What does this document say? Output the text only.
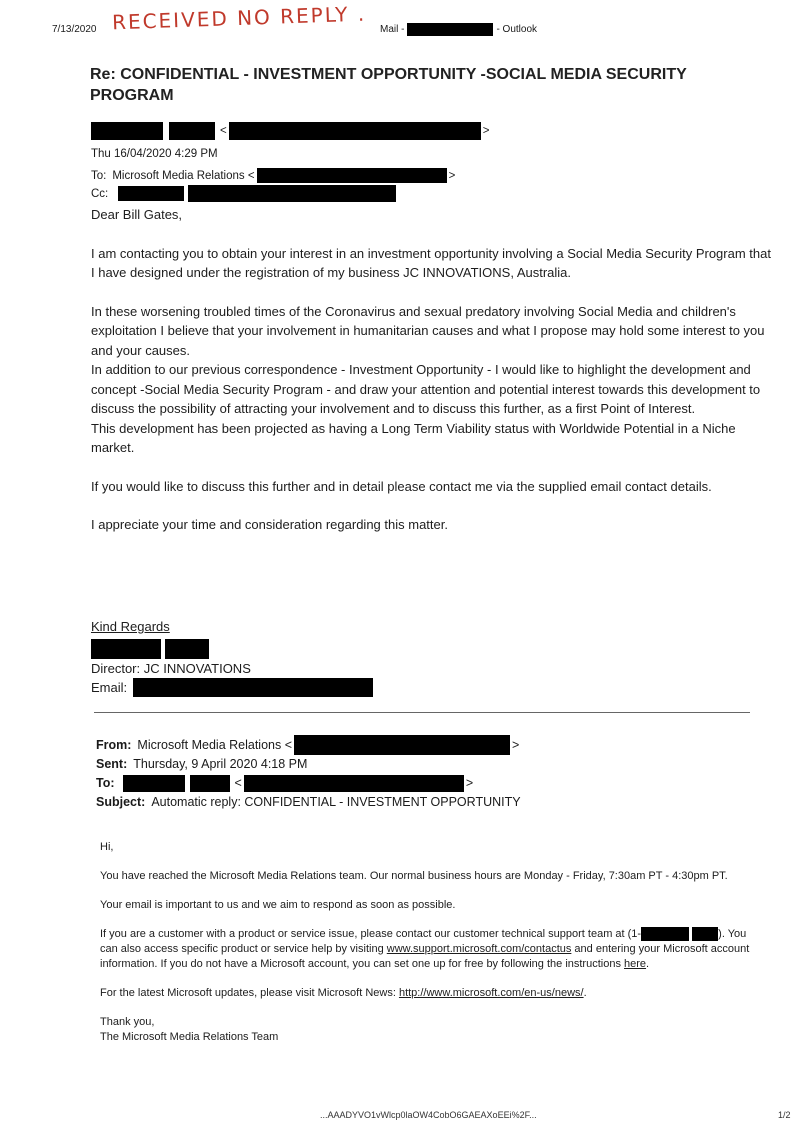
7/13/2020 RECEIVED NO REPLY . Mail -	- Outlook
Re: CONFIDENTIAL - INVESTMENT OPPORTUNITY -SOCIAL MEDIA SECURITY PROGRAM
<	>
Thu 16/04/2020 4:29 PM
To: Microsoft Media Relations <	>
Cc:

Dear Bill Gates,

I am contacting you to obtain your interest in an investment opportunity involving a Social Media Security Program that I have designed under the registration of my business JC INNOVATIONS, Australia.

In these worsening troubled times of the Coronavirus and sexual predatory involving Social Media and children's exploitation I believe that your involvement in humanitarian causes and what I propose may hold some interest to you and your causes.

In addition to our previous correspondence - Investment Opportunity - I would like to highlight the development and concept -Social Media Security Program - and draw your attention and potential interest towards this development to discuss the possibility of attracting your involvement and to discuss this further, as a first Point of Interest.

This development has been projected as having a Long Term Viability status with Worldwide Potential in a Niche market.

If you would like to discuss this further and in detail please contact me via the supplied email contact details.

I appreciate your time and consideration regarding this matter.

Kind Regards

Director: JC INNOVATIONS

Email:
From: Microsoft Media Relations <	>
Sent: Thursday, 9 April 2020 4:18 PM
To:	<	>
Subject: Automatic reply: CONFIDENTIAL - INVESTMENT OPPORTUNITY

Hi,

You have reached the Microsoft Media Relations team. Our normal business hours are Monday - Friday, 7:30am PT - 4:30pm PT.

Your email is important to us and we aim to respond as soon as possible.

If you are a customer with a product or service issue, please contact our customer technical support team at (1-	). You can also access specific product or service help by visiting www.support.microsoft.com/contactus and entering your Microsoft account information. If you do not have a Microsoft account, you can set one up for free by following the instructions here.

For the latest Microsoft updates, please visit Microsoft News: http://www.microsoft.com/en-us/news/.

Thank you,

The Microsoft Media Relations Team

...AAADYVO1vWlcp0laOW4CobO6GAEAXoEEi%2F...	1/2
